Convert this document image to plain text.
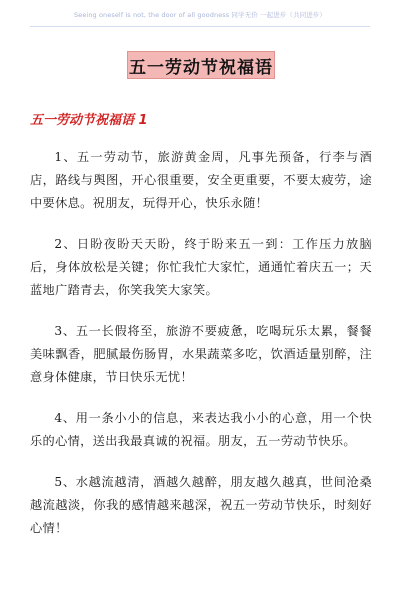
Seeing oneself is not, the door of all goodness 同学无价 一起进步（共同进步）
五一劳动节祝福语
五一劳动节祝福语 1

1、五一劳动节，旅游黄金周，凡事先预备，行李与酒店，路线与舆图，开心很重要，安全更重要，不要太疲劳，途中要休息。祝朋友，玩得开心，快乐永随！

2、日盼夜盼天天盼，终于盼来五一到：工作压力放脑后，身体放松是关键；你忙我忙大家忙，通通忙着庆五一；天蓝地广踏青去，你笑我笑大家笑。

3、五一长假将至，旅游不要疲惫，吃喝玩乐太累，餐餐美味飘香，肥腻最伤肠胃，水果蔬菜多吃，饮酒适量别醉，注意身体健康，节日快乐无忧！

4、用一条小小的信息，来表达我小小的心意，用一个快乐的心情，送出我最真诚的祝福。朋友，五一劳动节快乐。

5、水越流越清，酒越久越醉，朋友越久越真，世间沧桑越流越淡，你我的感情越来越深，祝五一劳动节快乐，时刻好心情！
